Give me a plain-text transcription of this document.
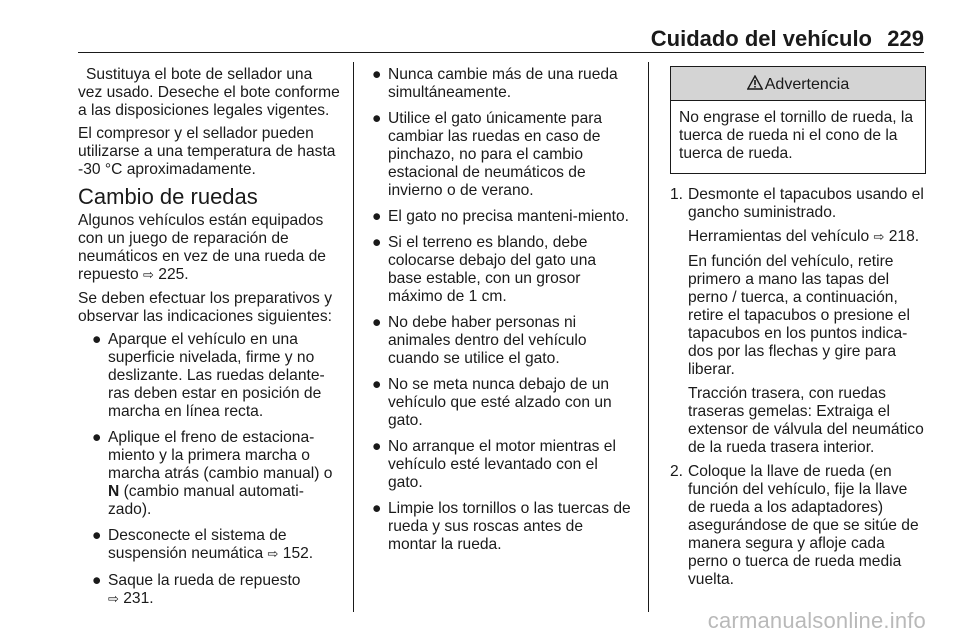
Cuidado del vehículo 229

Sustituya el bote de sellador una vez usado. Deseche el bote conforme a las disposiciones legales vigentes.

El compresor y el sellador pueden utilizarse a una temperatura de hasta -30 °C aproximadamente.

Cambio de ruedas

Algunos vehículos están equipados con un juego de reparación de neumáticos en vez de una rueda de repuesto ⇨ 225.

Se deben efectuar los preparativos y observar las indicaciones siguientes:

● Aparque el vehículo en una superficie nivelada, firme y no deslizante. Las ruedas delante-ras deben estar en posición de marcha en línea recta.
● Aplique el freno de estaciona-miento y la primera marcha o marcha atrás (cambio manual) o
N (cambio manual automati-zado).
● Desconecte el sistema de suspensión neumática ⇨ 152.
● Saque la rueda de repuesto
⇨ 231.
● Nunca cambie más de una rueda simultáneamente.
● Utilice el gato únicamente para cambiar las ruedas en caso de pinchazo, no para el cambio estacional de neumáticos de invierno o de verano.
● El gato no precisa manteni-miento.
● Si el terreno es blando, debe colocarse debajo del gato una base estable, con un grosor máximo de 1 cm.
● No debe haber personas ni animales dentro del vehículo cuando se utilice el gato.
● No se meta nunca debajo de un vehículo que esté alzado con un gato.
● No arranque el motor mientras el vehículo esté levantado con el gato.
● Limpie los tornillos o las tuercas de rueda y sus roscas antes de montar la rueda.
Advertencia
No engrase el tornillo de rueda, la tuerca de rueda ni el cono de la tuerca de rueda.
1. Desmonte el tapacubos usando el gancho suministrado.

Herramientas del vehículo ⇨ 218.

En función del vehículo, retire primero a mano las tapas del perno / tuerca, a continuación, retire el tapacubos o presione el tapacubos en los puntos indica-dos por las flechas y gire para liberar.

Tracción trasera, con ruedas traseras gemelas: Extraiga el extensor de válvula del neumático de la rueda trasera interior.

2. Coloque la llave de rueda (en función del vehículo, fije la llave de rueda a los adaptadores) asegurándose de que se sitúe de manera segura y afloje cada perno o tuerca de rueda media vuelta.

carmanualsonline.info
